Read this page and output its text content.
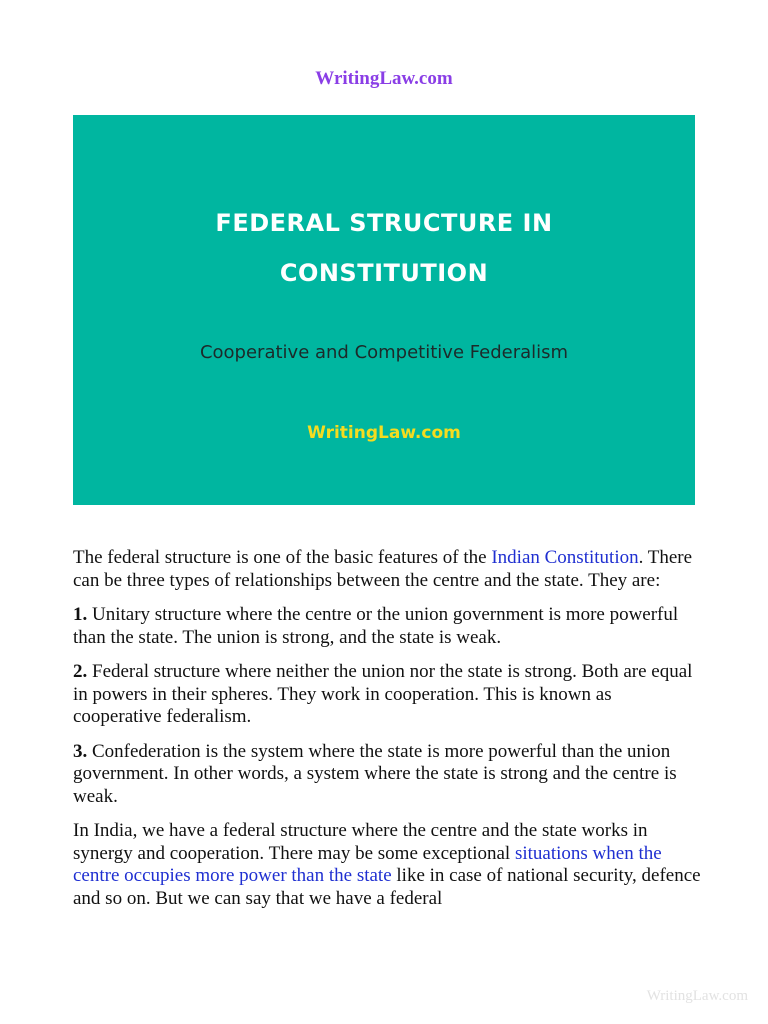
WritingLaw.com
FEDERAL STRUCTURE IN
CONSTITUTION
Cooperative and Competitive Federalism
WritingLaw.com

The federal structure is one of the basic features of the Indian Constitution. There can be three types of relationships between the centre and the state. They are:

1. Unitary structure where the centre or the union government is more powerful than the state. The union is strong, and the state is weak.

2. Federal structure where neither the union nor the state is strong. Both are equal in powers in their spheres. They work in cooperation. This is known as cooperative federalism.

3. Confederation is the system where the state is more powerful than the union government. In other words, a system where the state is strong and the centre is weak.

In India, we have a federal structure where the centre and the state works in synergy and cooperation. There may be some exceptional situations when the centre occupies more power than the state like in case of national security, defence and so on. But we can say that we have a federal

WritingLaw.com
